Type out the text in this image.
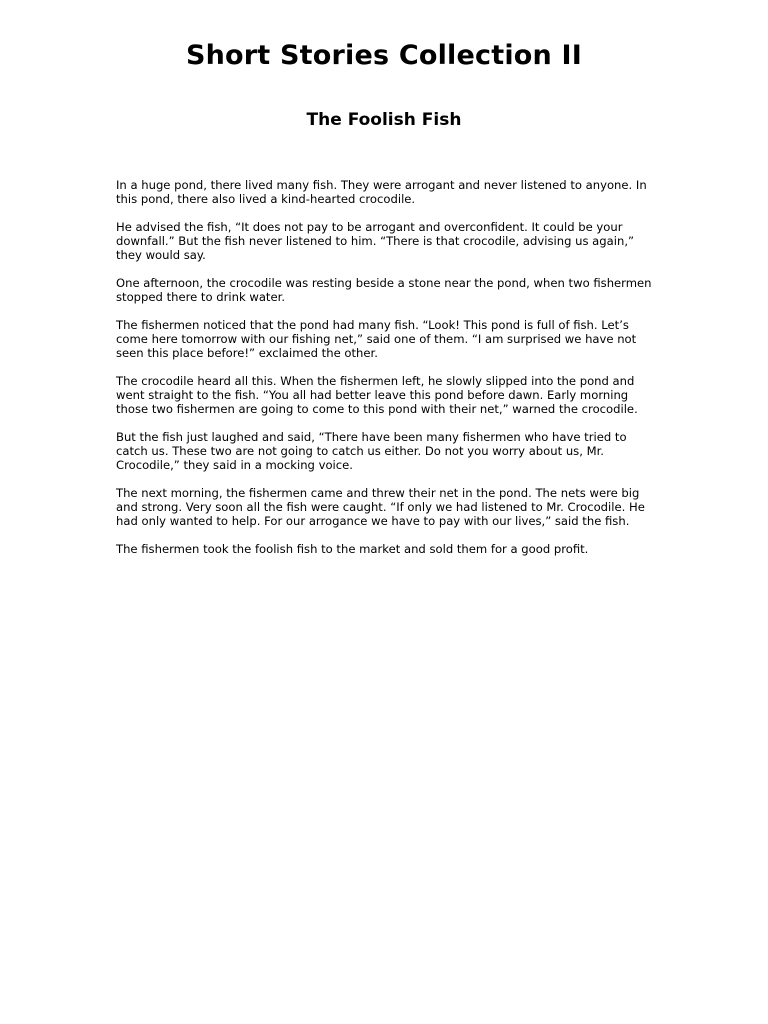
Short Stories Collection II
The Foolish Fish

In a huge pond, there lived many fish. They were arrogant and never listened to anyone. In this pond, there also lived a kind-hearted crocodile.

He advised the fish, “It does not pay to be arrogant and overconfident. It could be your downfall.” But the fish never listened to him. “There is that crocodile, advising us again,” they would say.

One afternoon, the crocodile was resting beside a stone near the pond, when two fishermen stopped there to drink water.

The fishermen noticed that the pond had many fish. “Look! This pond is full of fish. Let’s come here tomorrow with our fishing net,” said one of them. “I am surprised we have not seen this place before!” exclaimed the other.

The crocodile heard all this. When the fishermen left, he slowly slipped into the pond and went straight to the fish. “You all had better leave this pond before dawn. Early morning those two fishermen are going to come to this pond with their net,” warned the crocodile.

But the fish just laughed and said, “There have been many fishermen who have tried to catch us. These two are not going to catch us either. Do not you worry about us, Mr. Crocodile,” they said in a mocking voice.

The next morning, the fishermen came and threw their net in the pond. The nets were big and strong. Very soon all the fish were caught. “If only we had listened to Mr. Crocodile. He had only wanted to help. For our arrogance we have to pay with our lives,” said the fish.

The fishermen took the foolish fish to the market and sold them for a good profit.
